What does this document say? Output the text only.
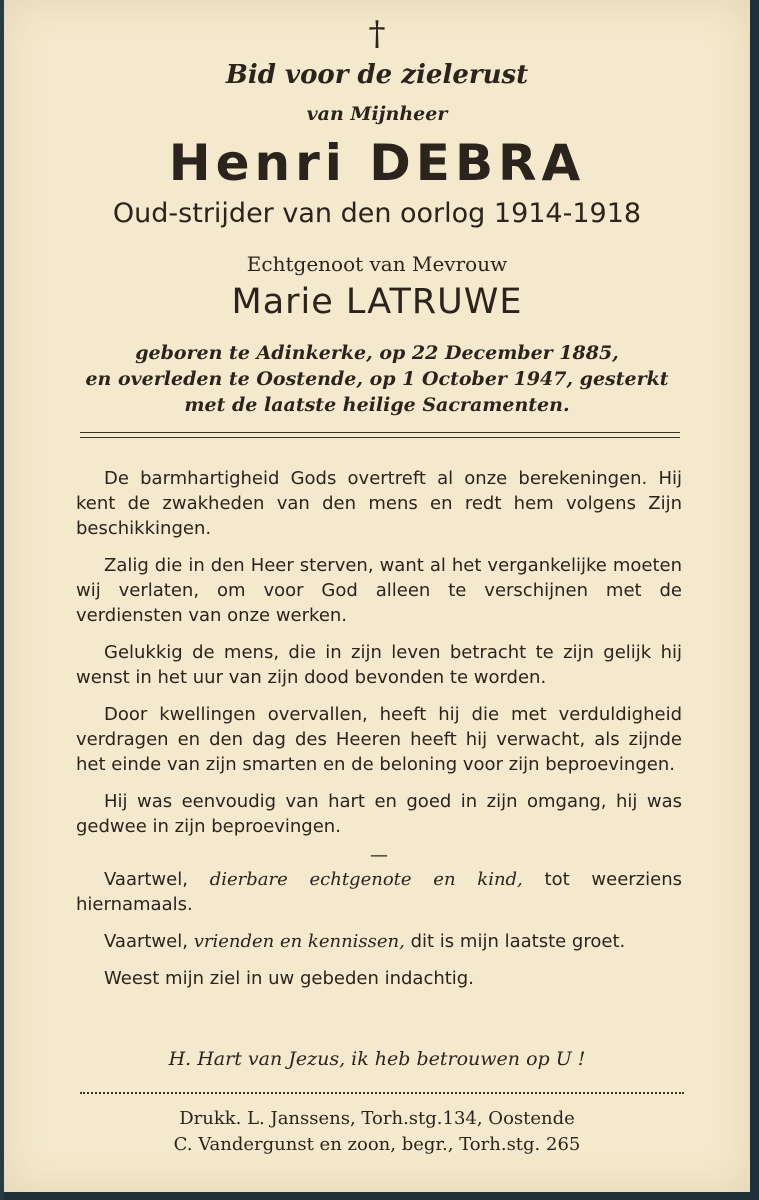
†
Bid voor de zielerust
van Mijnheer
Henri DEBRA
Oud-strijder van den oorlog 1914-1918
Echtgenoot van Mevrouw
Marie LATRUWE
geboren te Adinkerke, op 22 December 1885,
en overleden te Oostende, op 1 October 1947, gesterkt
met de laatste heilige Sacramenten.

De barmhartigheid Gods overtreft al onze berekeningen. Hij kent de zwakheden van den mens en redt hem volgens Zijn beschikkingen.

Zalig die in den Heer sterven, want al het vergankelijke moeten wij verlaten, om voor God alleen te verschijnen met de verdiensten van onze werken.

Gelukkig de mens, die in zijn leven betracht te zijn gelijk hij wenst in het uur van zijn dood bevonden te worden.

Door kwellingen overvallen, heeft hij die met verduldigheid verdragen en den dag des Heeren heeft hij verwacht, als zijnde het einde van zijn smarten en de beloning voor zijn beproevingen.

Hij was eenvoudig van hart en goed in zijn omgang, hij was gedwee in zijn beproevingen.

—

Vaartwel, dierbare echtgenote en kind, tot weerziens hiernamaals.

Vaartwel, vrienden en kennissen, dit is mijn laatste groet.

Weest mijn ziel in uw gebeden indachtig.

H. Hart van Jezus, ik heb betrouwen op U !
Drukk. L. Janssens, Torh.stg.134, Oostende
C. Vandergunst en zoon, begr., Torh.stg. 265
